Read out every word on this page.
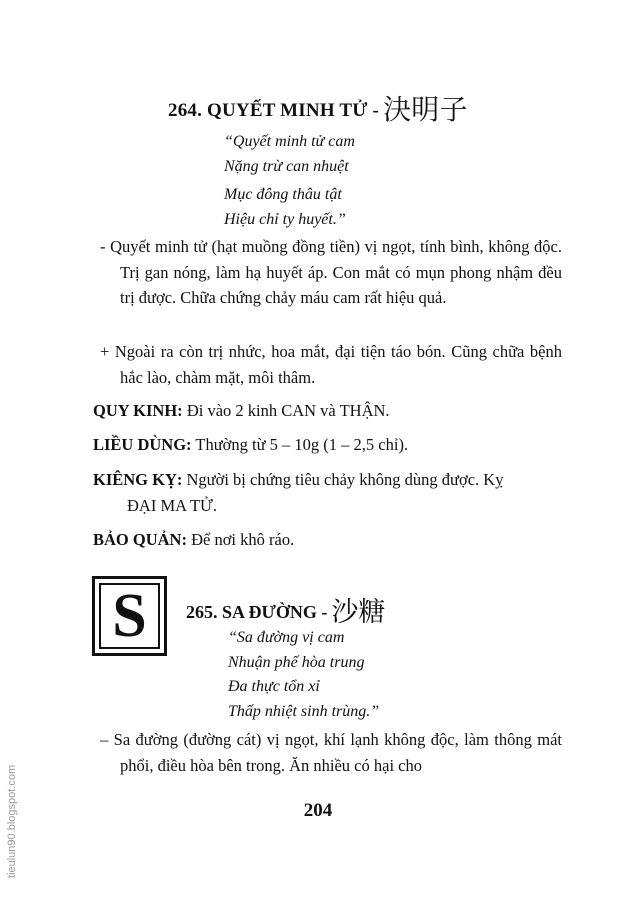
264. QUYẾT MINH TỬ - 決明子
“Quyết minh tử cam
Nặng trừ can nhuệt
Mục đông thâu tật
Hiệu chỉ ty huyết.”
- Quyết minh tử (hạt muồng đồng tiền) vị ngọt, tính bình, không độc. Trị gan nóng, làm hạ huyết áp. Con mắt có mụn phong nhậm đều trị được. Chữa chứng chảy máu cam rất hiệu quả.
+ Ngoài ra còn trị nhức, hoa mắt, đại tiện táo bón. Cũng chữa bệnh hắc lào, chàm mặt, môi thâm.
QUY KINH: Đi vào 2 kinh CAN và THẬN.
LIỀU DÙNG: Thường từ 5 – 10g (1 – 2,5 chỉ).
KIÊNG KỴ: Người bị chứng tiêu chảy không dùng được. Kỵ
ĐẠI MA TỬ.
BẢO QUẢN: Để nơi khô ráo.
S	265. SA ĐƯỜNG - 沙糖
“Sa đường vị cam
Nhuận phế hòa trung
Đa thực tổn xỉ
Thấp nhiệt sinh trùng.”
– Sa đường (đường cát) vị ngọt, khí lạnh không độc, làm thông mát phổi, điều hòa bên trong. Ăn nhiều có hại cho
204
tieulun90.blogspot.com
